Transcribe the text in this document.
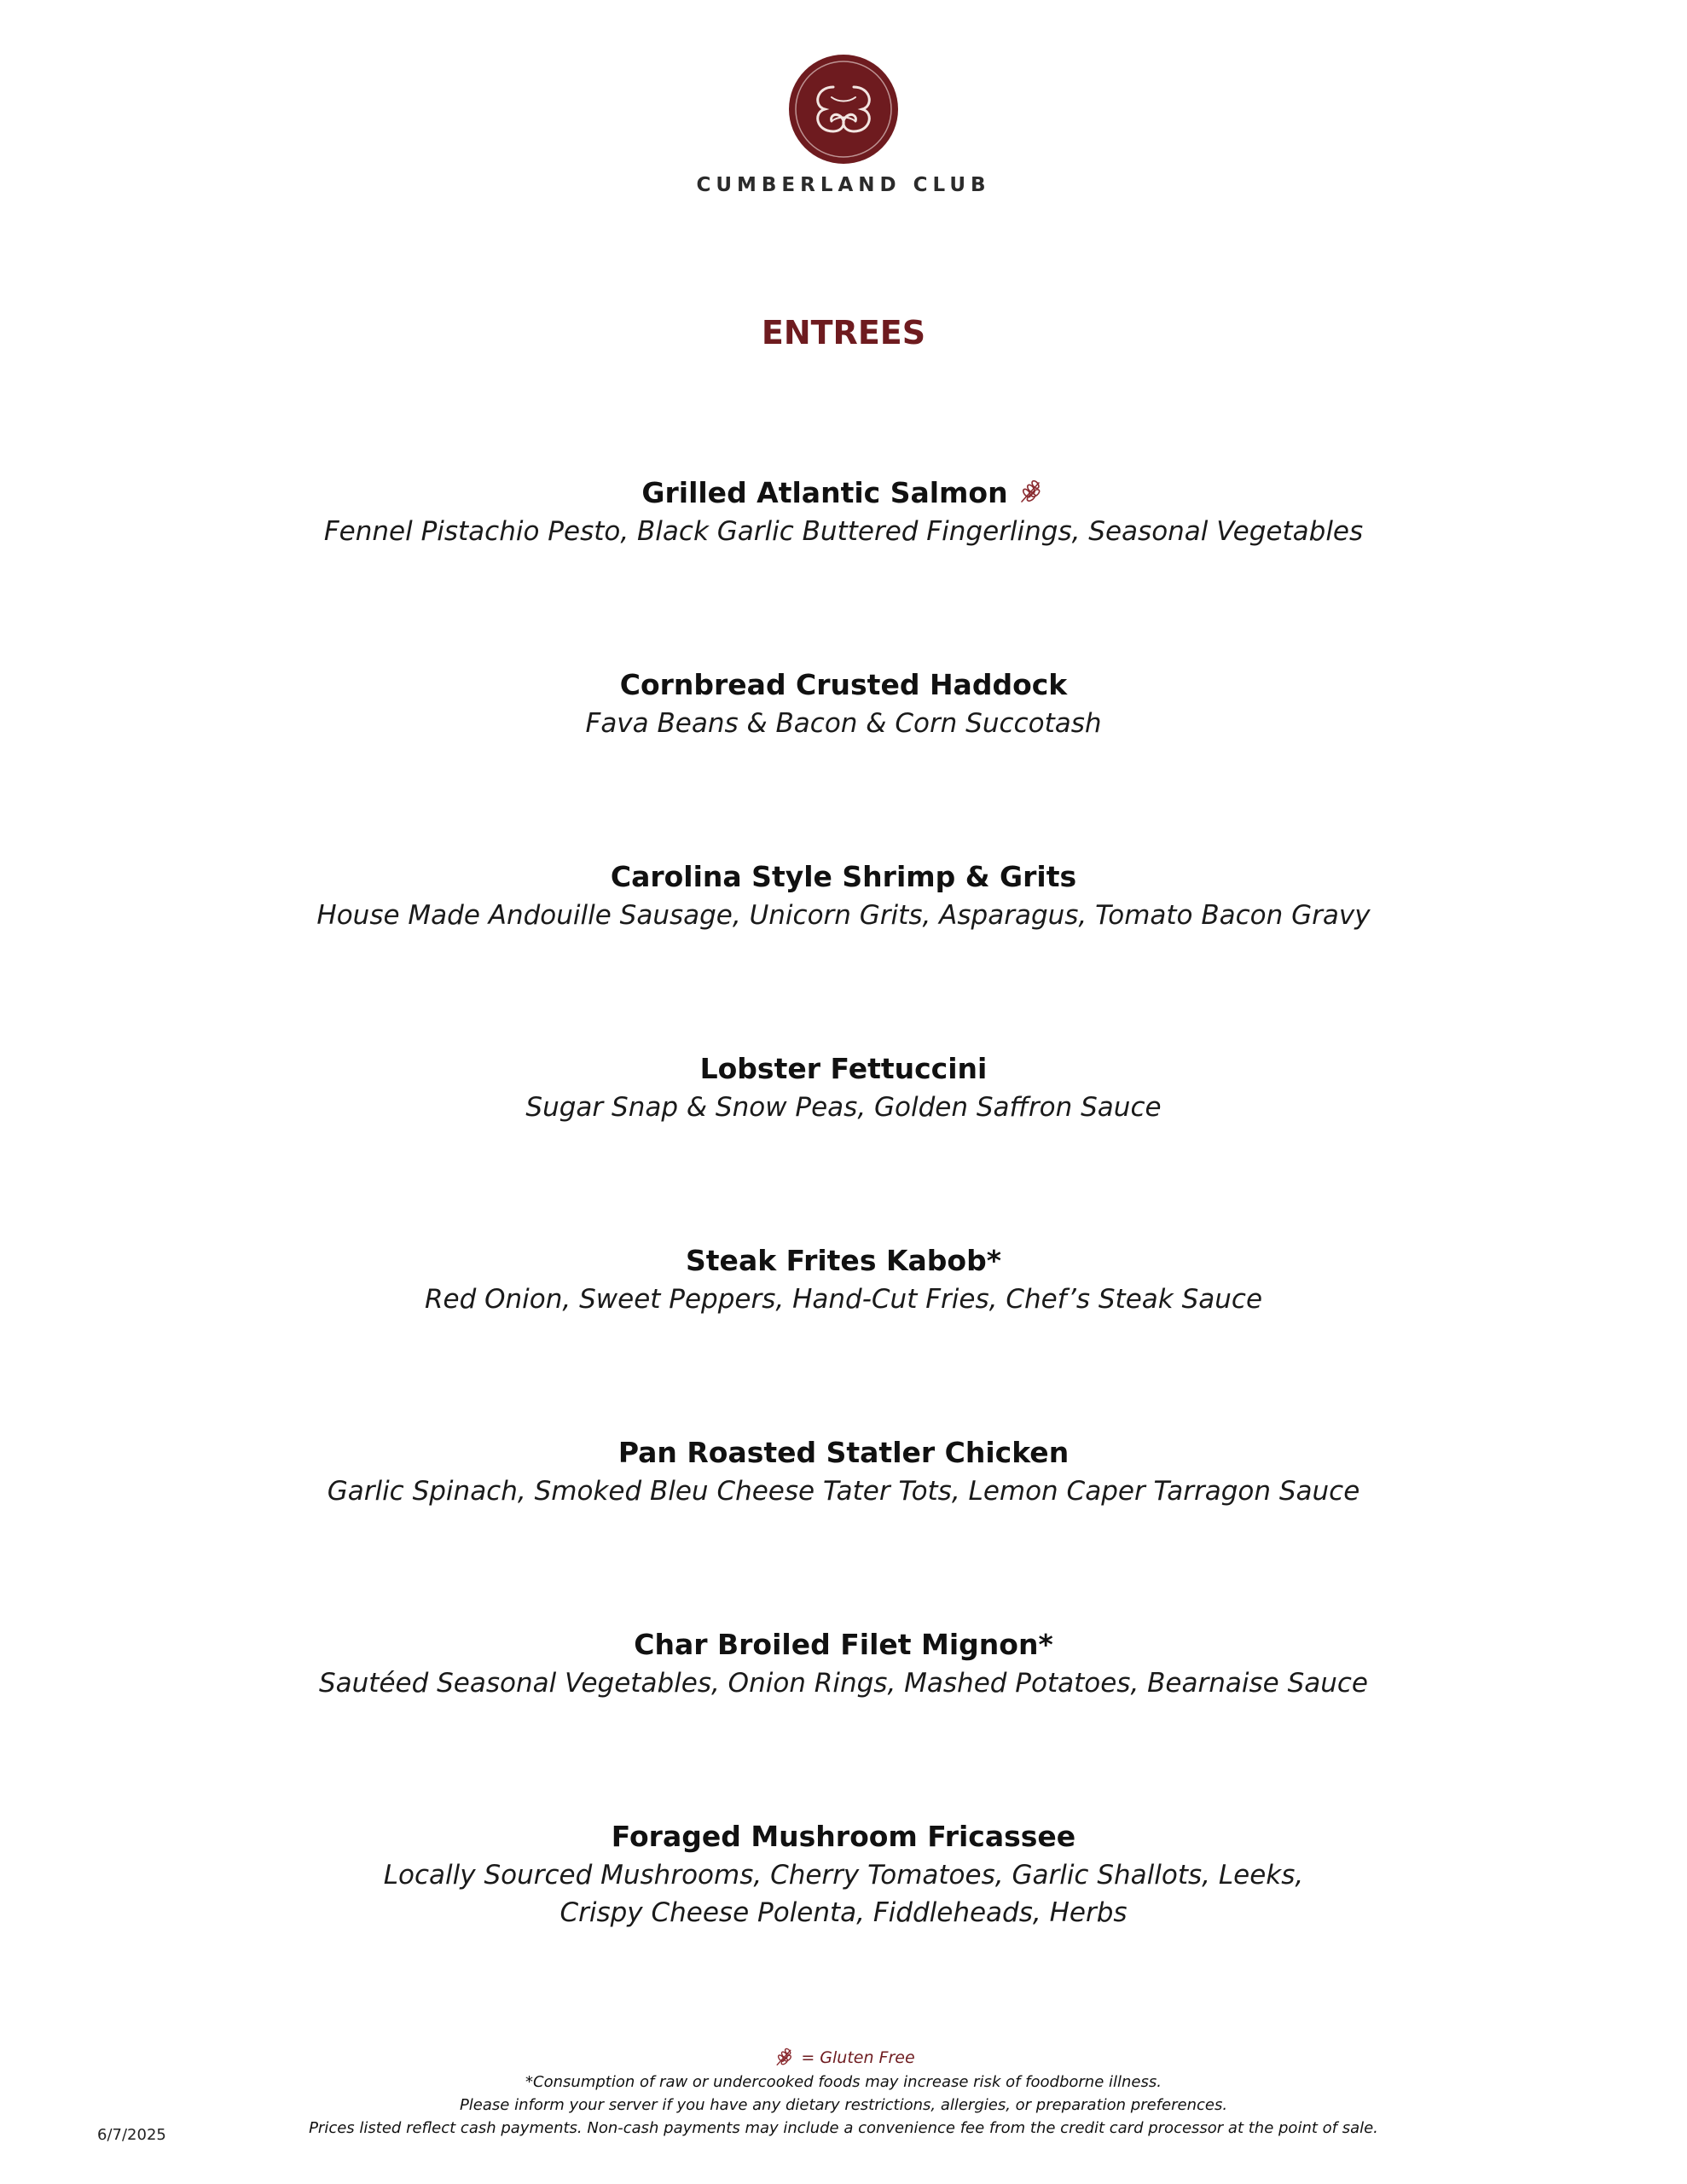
CUMBERLAND CLUB
ENTREES
Grilled Atlantic Salmon
Fennel Pistachio Pesto, Black Garlic Buttered Fingerlings, Seasonal Vegetables
Cornbread Crusted Haddock
Fava Beans & Bacon & Corn Succotash
Carolina Style Shrimp & Grits
House Made Andouille Sausage, Unicorn Grits, Asparagus, Tomato Bacon Gravy
Lobster Fettuccini
Sugar Snap & Snow Peas, Golden Saffron Sauce
Steak Frites Kabob*
Red Onion, Sweet Peppers, Hand-Cut Fries, Chef’s Steak Sauce
Pan Roasted Statler Chicken
Garlic Spinach, Smoked Bleu Cheese Tater Tots, Lemon Caper Tarragon Sauce
Char Broiled Filet Mignon*
Sautéed Seasonal Vegetables, Onion Rings, Mashed Potatoes, Bearnaise Sauce
Foraged Mushroom Fricassee
Locally Sourced Mushrooms, Cherry Tomatoes, Garlic Shallots, Leeks,
Crispy Cheese Polenta, Fiddleheads, Herbs
= Gluten Free
*Consumption of raw or undercooked foods may increase risk of foodborne illness.
Please inform your server if you have any dietary restrictions, allergies, or preparation preferences.
Prices listed reflect cash payments. Non-cash payments may include a convenience fee from the credit card processor at the point of sale.
6/7/2025
